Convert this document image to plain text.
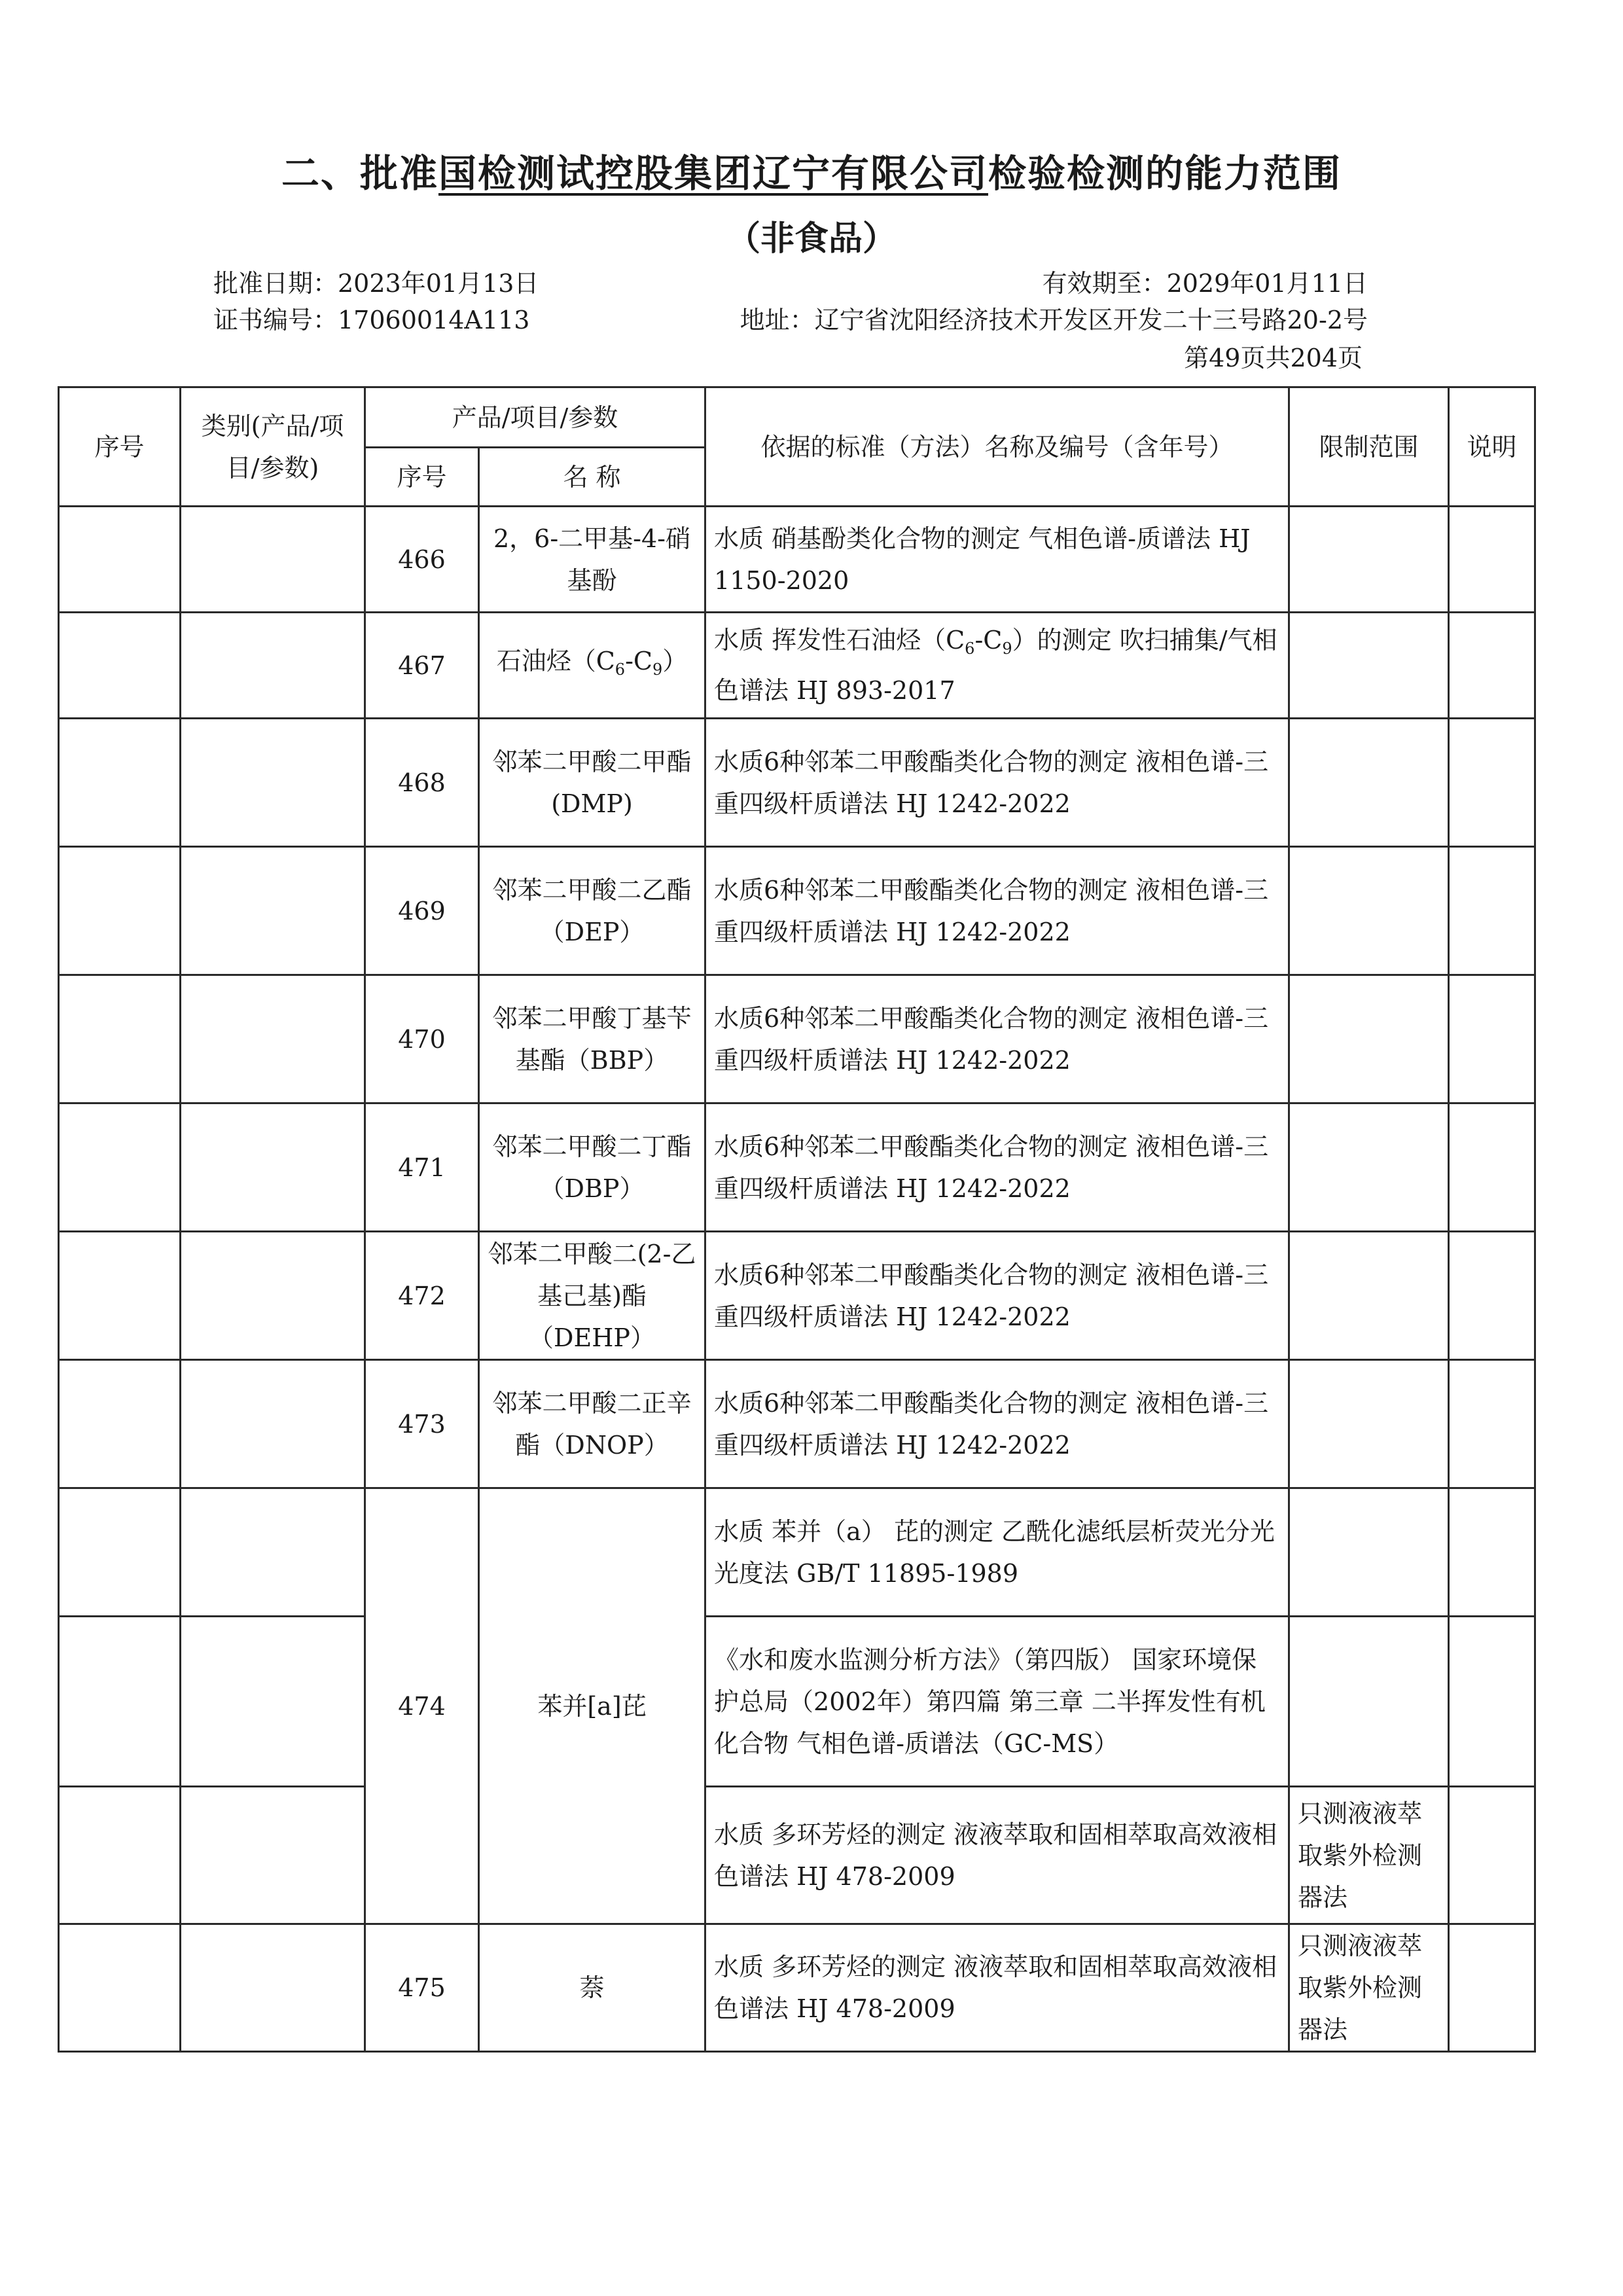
二、批准国检测试控股集团辽宁有限公司检验检测的能力范围
（非食品）
批准日期：2023年01月13日	有效期至：2029年01月11日
证书编号：17060014A113	地址：辽宁省沈阳经济技术开发区开发二十三号路20-2号
第49页共204页
序号	类别(产品/项目/参数)	产品/项目/参数		依据的标准（方法）名称及编号（含年号）	限制范围	说明
		序号	名 称			
		466	2，6-二甲基-4-硝基酚	水质 硝基酚类化合物的测定 气相色谱-质谱法 HJ 1150-2020		
		467	石油烃$(C_6-C_9)$	水质 挥发性石油烃$(C_6-C_9)$的测定 吹扫捕集/气相色谱法 HJ 893-2017		
		468	邻苯二甲酸二甲酯(DMP)	水质6种邻苯二甲酸酯类化合物的测定 液相色谱-三重四级杆质谱法 HJ 1242-2022		
		469	邻苯二甲酸二乙酯（DEP）	水质6种邻苯二甲酸酯类化合物的测定 液相色谱-三重四级杆质谱法 HJ 1242-2022		
		470	邻苯二甲酸丁基苄基酯（BBP）	水质6种邻苯二甲酸酯类化合物的测定 液相色谱-三重四级杆质谱法 HJ 1242-2022		
		471	邻苯二甲酸二丁酯（DBP）	水质6种邻苯二甲酸酯类化合物的测定 液相色谱-三重四级杆质谱法 HJ 1242-2022		
		472	邻苯二甲酸二(2-乙基己基)酯（DEHP）	水质6种邻苯二甲酸酯类化合物的测定 液相色谱-三重四级杆质谱法 HJ 1242-2022		
		473	邻苯二甲酸二正辛酯（DNOP）	水质6种邻苯二甲酸酯类化合物的测定 液相色谱-三重四级杆质谱法 HJ 1242-2022		
		474	苯并[a]芘	水质 苯并（a） 芘的测定 乙酰化滤纸层析荧光分光光度法 GB/T 11895-1989		
				《水和废水监测分析方法》（第四版） 国家环境保护总局（2002年）第四篇 第三章 二半挥发性有机化合物 气相色谱-质谱法（GC-MS）		
				水质 多环芳烃的测定 液液萃取和固相萃取高效液相色谱法 HJ 478-2009	只测液液萃取紫外检测器法	
		475	萘	水质 多环芳烃的测定 液液萃取和固相萃取高效液相色谱法 HJ 478-2009	只测液液萃取紫外检测器法	
